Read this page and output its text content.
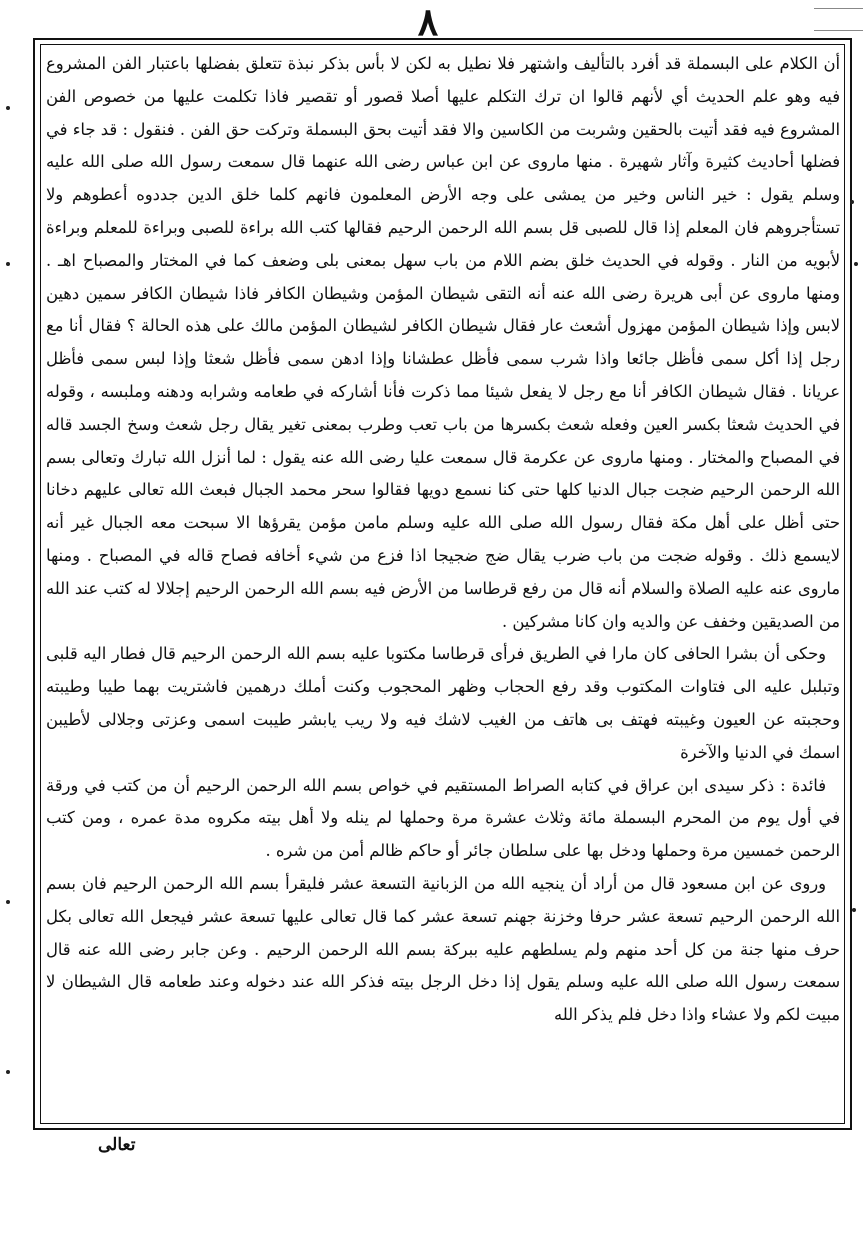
٨

أن الكلام على البسملة قد أفرد بالتأليف واشتهر فلا نطيل به لكن لا بأس بذكر نبذة تتعلق بفضلها باعتبار الفن المشروع فيه وهو علم الحديث أي لأنهم قالوا ان ترك التكلم عليها أصلا قصور أو تقصير فاذا تكلمت عليها من خصوص الفن المشروع فيه فقد أتيت بالحقين وشربت من الكاسين والا فقد أتيت بحق البسملة وتركت حق الفن . فنقول : قد جاء في فضلها أحاديث كثيرة وآثار شهيرة . منها ماروى عن ابن عباس رضى الله عنهما قال سمعت رسول الله صلى الله عليه وسلم يقول : خير الناس وخير من يمشى على وجه الأرض المعلمون فانهم كلما خلق الدين جددوه أعطوهم ولا تستأجروهم فان المعلم إذا قال للصبى قل بسم الله الرحمن الرحيم فقالها كتب الله براءة للصبى وبراءة للمعلم وبراءة لأبويه من النار . وقوله في الحديث خلق بضم اللام من باب سهل بمعنى بلى وضعف كما في المختار والمصباح اهـ . ومنها ماروى عن أبى هريرة رضى الله عنه أنه التقى شيطان المؤمن وشيطان الكافر فاذا شيطان الكافر سمين دهين لابس وإذا شيطان المؤمن مهزول أشعث عار فقال شيطان الكافر لشيطان المؤمن مالك على هذه الحالة ؟ فقال أنا مع رجل إذا أكل سمى فأظل جائعا واذا شرب سمى فأظل عطشانا وإذا ادهن سمى فأظل شعثا وإذا لبس سمى فأظل عريانا . فقال شيطان الكافر أنا مع رجل لا يفعل شيئا مما ذكرت فأنا أشاركه في طعامه وشرابه ودهنه وملبسه ، وقوله في الحديث شعثا بكسر العين وفعله شعث بكسرها من باب تعب وطرب بمعنى تغير يقال رجل شعث وسخ الجسد قاله في المصباح والمختار . ومنها ماروى عن عكرمة قال سمعت عليا رضى الله عنه يقول : لما أنزل الله تبارك وتعالى بسم الله الرحمن الرحيم ضجت جبال الدنيا كلها حتى كنا نسمع دويها فقالوا سحر محمد الجبال فبعث الله تعالى عليهم دخانا حتى أظل على أهل مكة فقال رسول الله صلى الله عليه وسلم مامن مؤمن يقرؤها الا سبحت معه الجبال غير أنه لايسمع ذلك . وقوله ضجت من باب ضرب يقال ضج ضجيجا اذا فزع من شيء أخافه فصاح قاله في المصباح . ومنها ماروى عنه عليه الصلاة والسلام أنه قال من رفع قرطاسا من الأرض فيه بسم الله الرحمن الرحيم إجلالا له كتب عند الله من الصديقين وخفف عن والديه وان كانا مشركين .

وحكى أن بشرا الحافى كان مارا في الطريق فرأى قرطاسا مكتوبا عليه بسم الله الرحمن الرحيم قال فطار اليه قلبى وتبلبل عليه الى فتاوات المكتوب وقد رفع الحجاب وظهر المحجوب وكنت أملك درهمين فاشتريت بهما طيبا وطيبته وحجبته عن العيون وغيبته فهتف بى هاتف من الغيب لاشك فيه ولا ريب يابشر طيبت اسمى وعزتى وجلالى لأطيبن اسمك في الدنيا والآخرة

فائدة : ذكر سيدى ابن عراق في كتابه الصراط المستقيم في خواص بسم الله الرحمن الرحيم أن من كتب في ورقة في أول يوم من المحرم البسملة مائة وثلاث عشرة مرة وحملها لم ينله ولا أهل بيته مكروه مدة عمره ، ومن كتب الرحمن خمسين مرة وحملها ودخل بها على سلطان جائر أو حاكم ظالم أمن من شره .

وروى عن ابن مسعود قال من أراد أن ينجيه الله من الزبانية التسعة عشر فليقرأ بسم الله الرحمن الرحيم فان بسم الله الرحمن الرحيم تسعة عشر حرفا وخزنة جهنم تسعة عشر كما قال تعالى عليها تسعة عشر فيجعل الله تعالى بكل حرف منها جنة من كل أحد منهم ولم يسلطهم عليه ببركة بسم الله الرحمن الرحيم . وعن جابر رضى الله عنه قال سمعت رسول الله صلى الله عليه وسلم يقول إذا دخل الرجل بيته فذكر الله عند دخوله وعند طعامه قال الشيطان لا مبيت لكم ولا عشاء واذا دخل فلم يذكر الله

تعالى
